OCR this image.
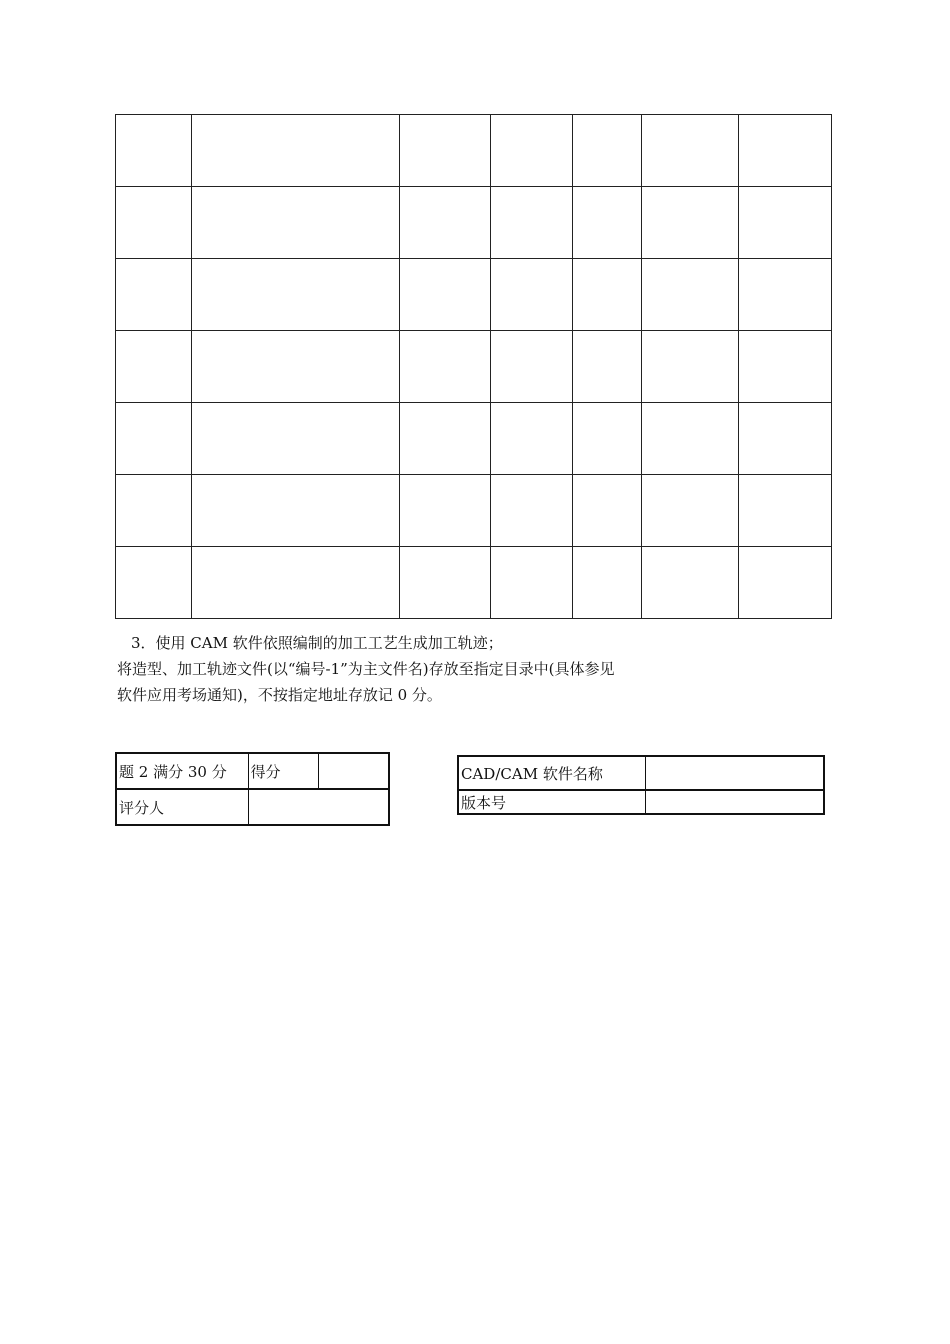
3．使用 CAM 软件依照编制的加工工艺生成加工轨迹；

将造型、加工轨迹文件(以“编号-1”为主文件名)存放至指定目录中(具体参见

软件应用考场通知)，不按指定地址存放记 0 分。

题 2 满分 30 分	得分	
评分人		
CAD/CAM 软件名称	
版本号	
